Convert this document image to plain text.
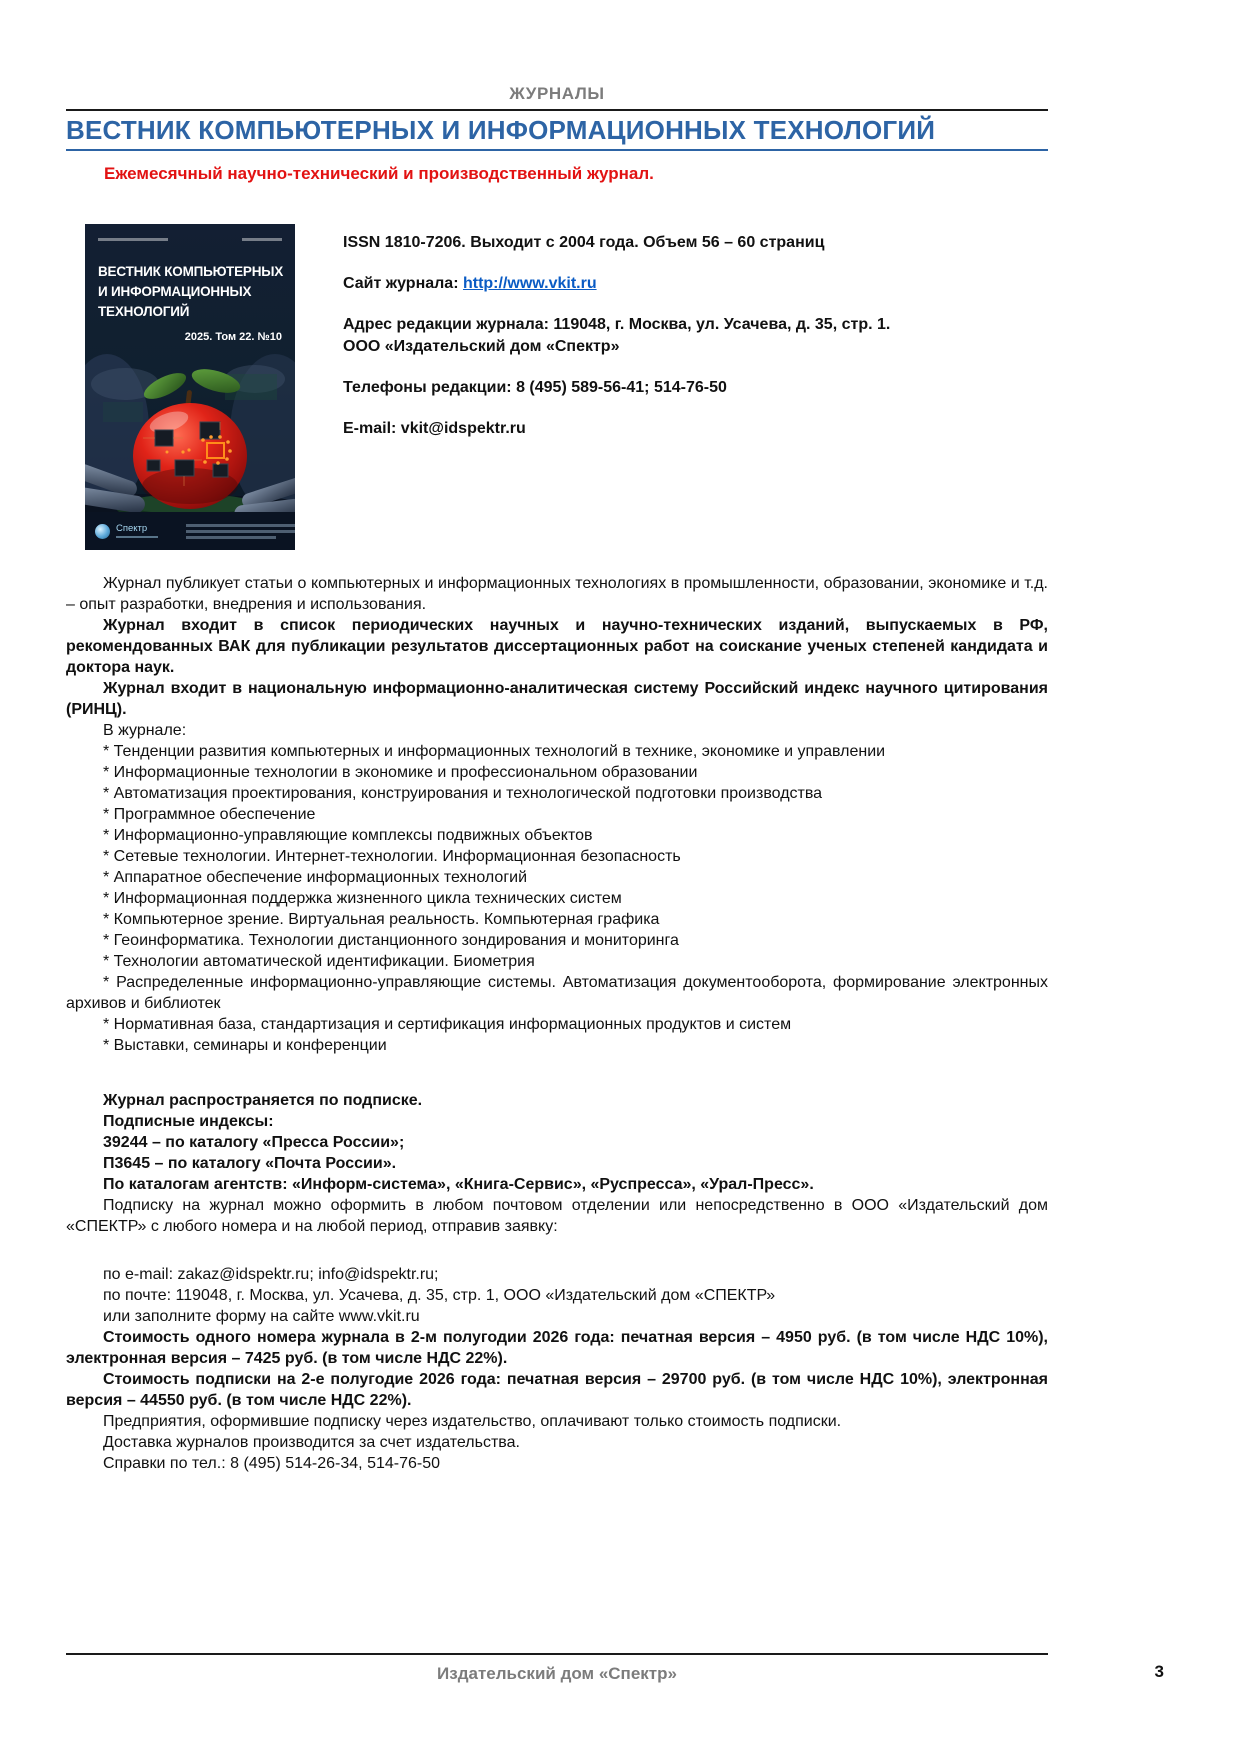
ЖУРНАЛЫ
ВЕСТНИК КОМПЬЮТЕРНЫХ И ИНФОРМАЦИОННЫХ ТЕХНОЛОГИЙ
Ежемесячный научно-технический и производственный журнал.
ВЕСТНИК КОМПЬЮТЕРНЫХ
И ИНФОРМАЦИОННЫХ ТЕХНОЛОГИЙ
2025. Том 22. №10
Спектр

ISSN 1810-7206. Выходит с 2004 года. Объем 56 – 60 страниц

Сайт журнала: http://www.vkit.ru

Адрес редакции журнала: 119048, г. Москва, ул. Усачева, д. 35, стр. 1.

ООО «Издательский дом «Спектр»

Телефоны редакции: 8 (495) 589-56-41; 514-76-50

E-mail: vkit@idspektr.ru

Журнал публикует статьи о компьютерных и информационных технологиях в промышленности, образовании, экономике и т.д. – опыт разработки, внедрения и использования.

Журнал входит в список периодических научных и научно-технических изданий, выпускаемых в РФ, рекомендованных ВАК для публикации результатов диссертационных работ на соискание ученых степеней кандидата и доктора наук.

Журнал входит в национальную информационно-аналитическая систему Российский индекс научного цитирования (РИНЦ).

В журнале:

* Тенденции развития компьютерных и информационных технологий в технике, экономике и управлении

* Информационные технологии в экономике и профессиональном образовании

* Автоматизация проектирования, конструирования и технологической подготовки производства

* Программное обеспечение

* Информационно-управляющие комплексы подвижных объектов

* Сетевые технологии. Интернет-технологии. Информационная безопасность

* Аппаратное обеспечение информационных технологий

* Информационная поддержка жизненного цикла технических систем

* Компьютерное зрение. Виртуальная реальность. Компьютерная графика

* Геоинформатика. Технологии дистанционного зондирования и мониторинга

* Технологии автоматической идентификации. Биометрия

* Распределенные информационно-управляющие системы. Автоматизация документооборота, формирование электронных архивов и библиотек

* Нормативная база, стандартизация и сертификация информационных продуктов и систем

* Выставки, семинары и конференции

Журнал распространяется по подписке.

Подписные индексы:

39244 – по каталогу «Пресса России»;

П3645 – по каталогу «Почта России».

По каталогам агентств: «Информ-система», «Книга-Сервис», «Руспресса», «Урал-Пресс».

Подписку на журнал можно оформить в любом почтовом отделении или непосредственно в ООО «Издательский дом «СПЕКТР» с любого номера и на любой период, отправив заявку:

по e-mail: zakaz@idspektr.ru; info@idspektr.ru;

по почте: 119048, г. Москва, ул. Усачева, д. 35, стр. 1, ООО «Издательский дом «СПЕКТР»

или заполните форму на сайте www.vkit.ru

Стоимость одного номера журнала в 2-м полугодии 2026 года: печатная версия – 4950 руб. (в том числе НДС 10%), электронная версия – 7425 руб. (в том числе НДС 22%).

Стоимость подписки на 2-е полугодие 2026 года: печатная версия – 29700 руб. (в том числе НДС 10%), электронная версия – 44550 руб. (в том числе НДС 22%).

Предприятия, оформившие подписку через издательство, оплачивают только стоимость подписки.

Доставка журналов производится за счет издательства.

Справки по тел.: 8 (495) 514-26-34, 514-76-50

Издательский дом «Спектр»	3
